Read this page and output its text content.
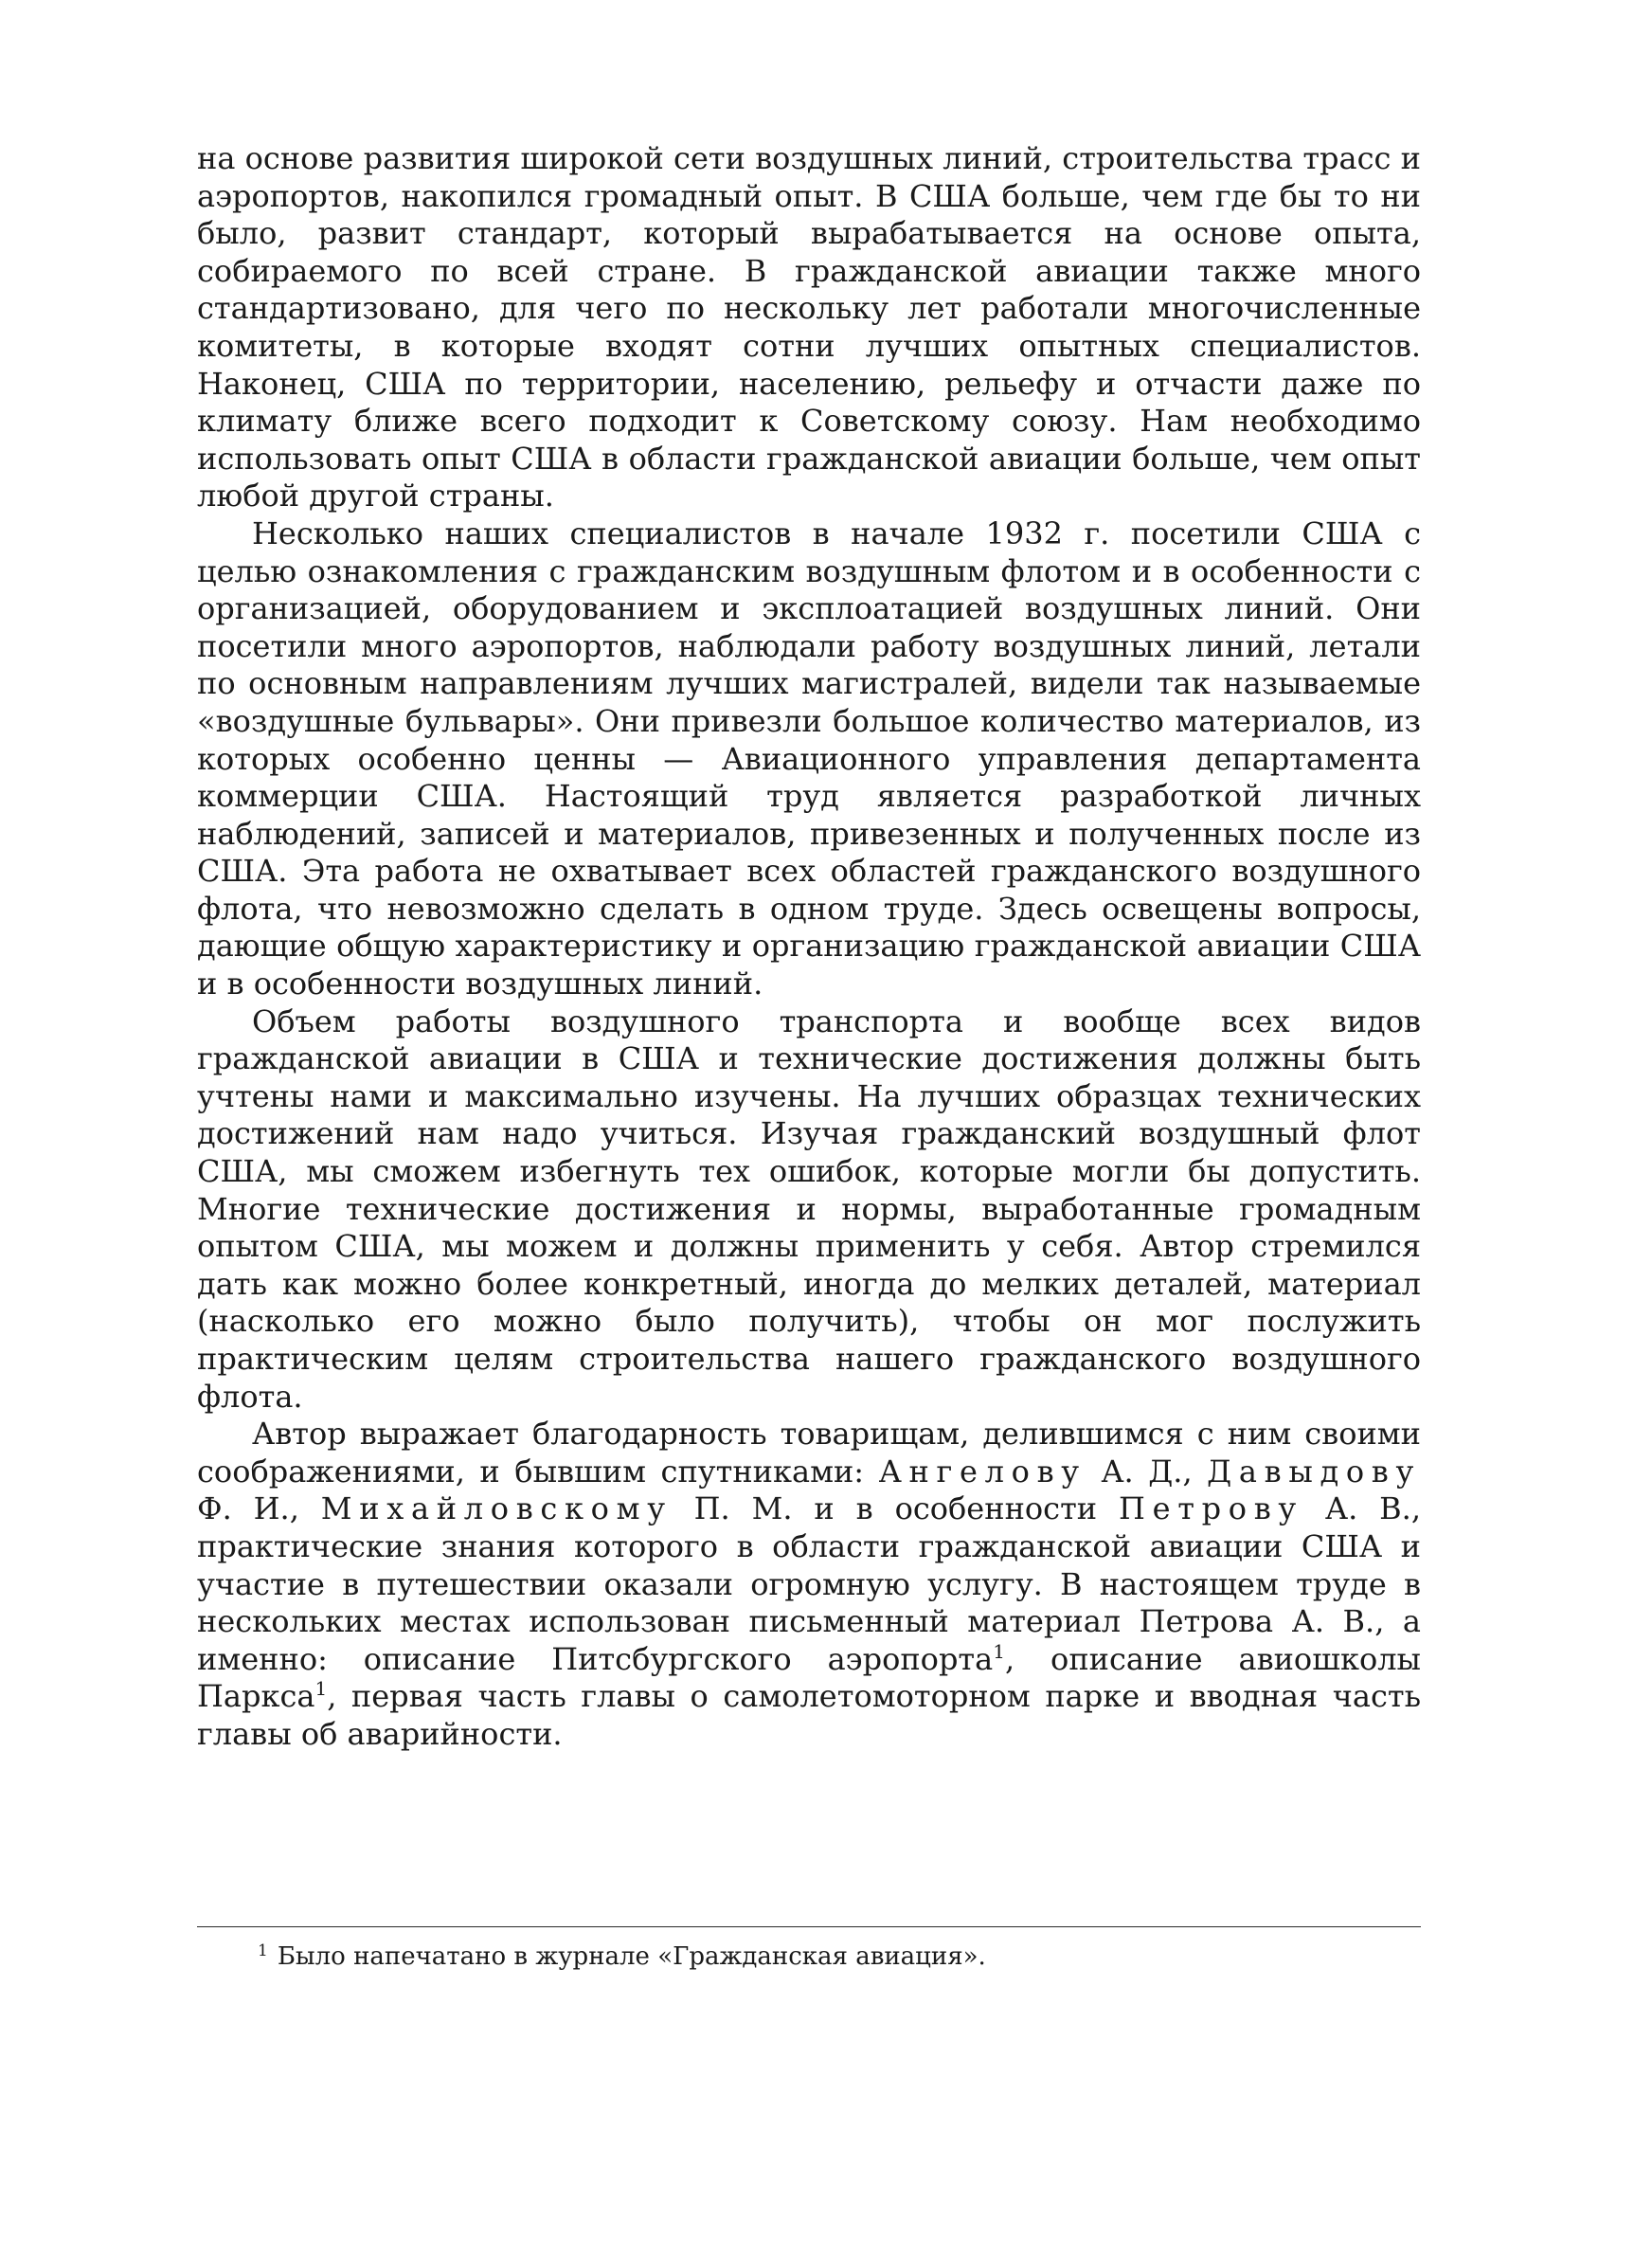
на основе развития широкой сети воздушных линий, строительства трасс и аэропортов, накопился громадный опыт. В США больше, чем где бы то ни было, развит стандарт, который вырабатывается на основе опыта, собираемого по всей стране. В гражданской авиации также много стандартизовано, для чего по нескольку лет работали многочисленные комитеты, в которые входят сотни лучших опытных специалистов. Наконец, США по территории, населению, рельефу и отчасти даже по климату ближе всего подходит к Советскому союзу. Нам необходимо использовать опыт США в области гражданской авиации больше, чем опыт любой другой страны.

Несколько наших специалистов в начале 1932 г. посетили США с целью ознакомления с гражданским воздушным флотом и в особенности с организацией, оборудованием и эксплоатацией воздушных линий. Они посетили много аэропортов, наблюдали работу воздушных линий, летали по основным направлениям лучших магистралей, видели так называемые «воздушные бульвары». Они привезли большое количество материалов, из которых особенно ценны — Авиационного управления департамента коммерции США. Настоящий труд является разработкой личных наблюдений, записей и материалов, привезенных и полученных после из США. Эта работа не охватывает всех областей гражданского воздушного флота, что невозможно сделать в одном труде. Здесь освещены вопросы, дающие общую характеристику и организацию гражданской авиации США и в особенности воздушных линий.

Объем работы воздушного транспорта и вообще всех видов гражданской авиации в США и технические достижения должны быть учтены нами и максимально изучены. На лучших образцах технических достижений нам надо учиться. Изучая гражданский воздушный флот США, мы сможем избегнуть тех ошибок, которые могли бы допустить. Многие технические достижения и нормы, выработанные громадным опытом США, мы можем и должны применить у себя. Автор стремился дать как можно более конкретный, иногда до мелких деталей, материал (насколько его можно было получить), чтобы он мог послужить практическим целям строительства нашего гражданского воздушного флота.

Автор выражает благодарность товарищам, делившимся с ним своими соображениями, и бывшим спутниками: Ангелову А. Д., Давыдову Ф. И., Михайловскому П. М. и в особенности Петрову А. В., практические знания которого в области гражданской авиации США и участие в путешествии оказали огромную услугу. В настоящем труде в нескольких местах использован письменный материал Петрова А. В., а именно: описание Питсбургского аэропорта$^1$, описание авиошколы Паркса$^1$, первая часть главы о самолетомоторном парке и вводная часть главы об аварийности.

$^1$ Было напечатано в журнале «Гражданская авиация».
